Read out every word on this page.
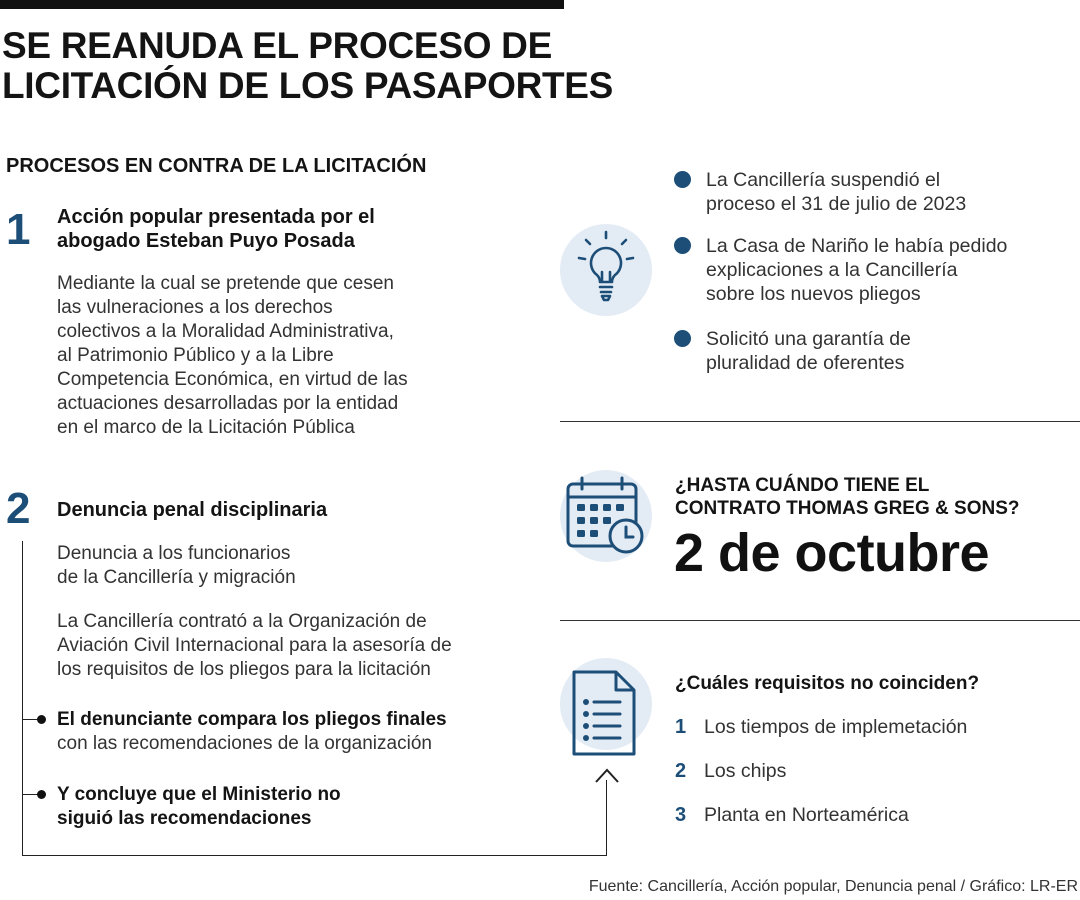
SE REANUDA EL PROCESO DE
LICITACIÓN DE LOS PASAPORTES
PROCESOS EN CONTRA DE LA LICITACIÓN
1 Acción popular presentada por el
abogado Esteban Puyo Posada
Mediante la cual se pretende que cesen
las vulneraciones a los derechos
colectivos a la Moralidad Administrativa,
al Patrimonio Público y a la Libre
Competencia Económica, en virtud de las
actuaciones desarrolladas por la entidad
en el marco de la Licitación Pública
2 Denuncia penal disciplinaria
Denuncia a los funcionarios
de la Cancillería y migración
La Cancillería contrató a la Organización de
Aviación Civil Internacional para la asesoría de
los requisitos de los pliegos para la licitación
El denunciante compara los pliegos finales
con las recomendaciones de la organización
Y concluye que el Ministerio no
siguió las recomendaciones
La Cancillería suspendió el
proceso el 31 de julio de 2023
La Casa de Nariño le había pedido
explicaciones a la Cancillería
sobre los nuevos pliegos
Solicitó una garantía de
pluralidad de oferentes
¿HASTA CUÁNDO TIENE EL
CONTRATO THOMAS GREG & SONS?
2 de octubre
¿Cuáles requisitos no coinciden?
1 Los tiempos de implemetación
2 Los chips
3 Planta en Norteamérica
Fuente: Cancillería, Acción popular, Denuncia penal / Gráfico: LR-ER
